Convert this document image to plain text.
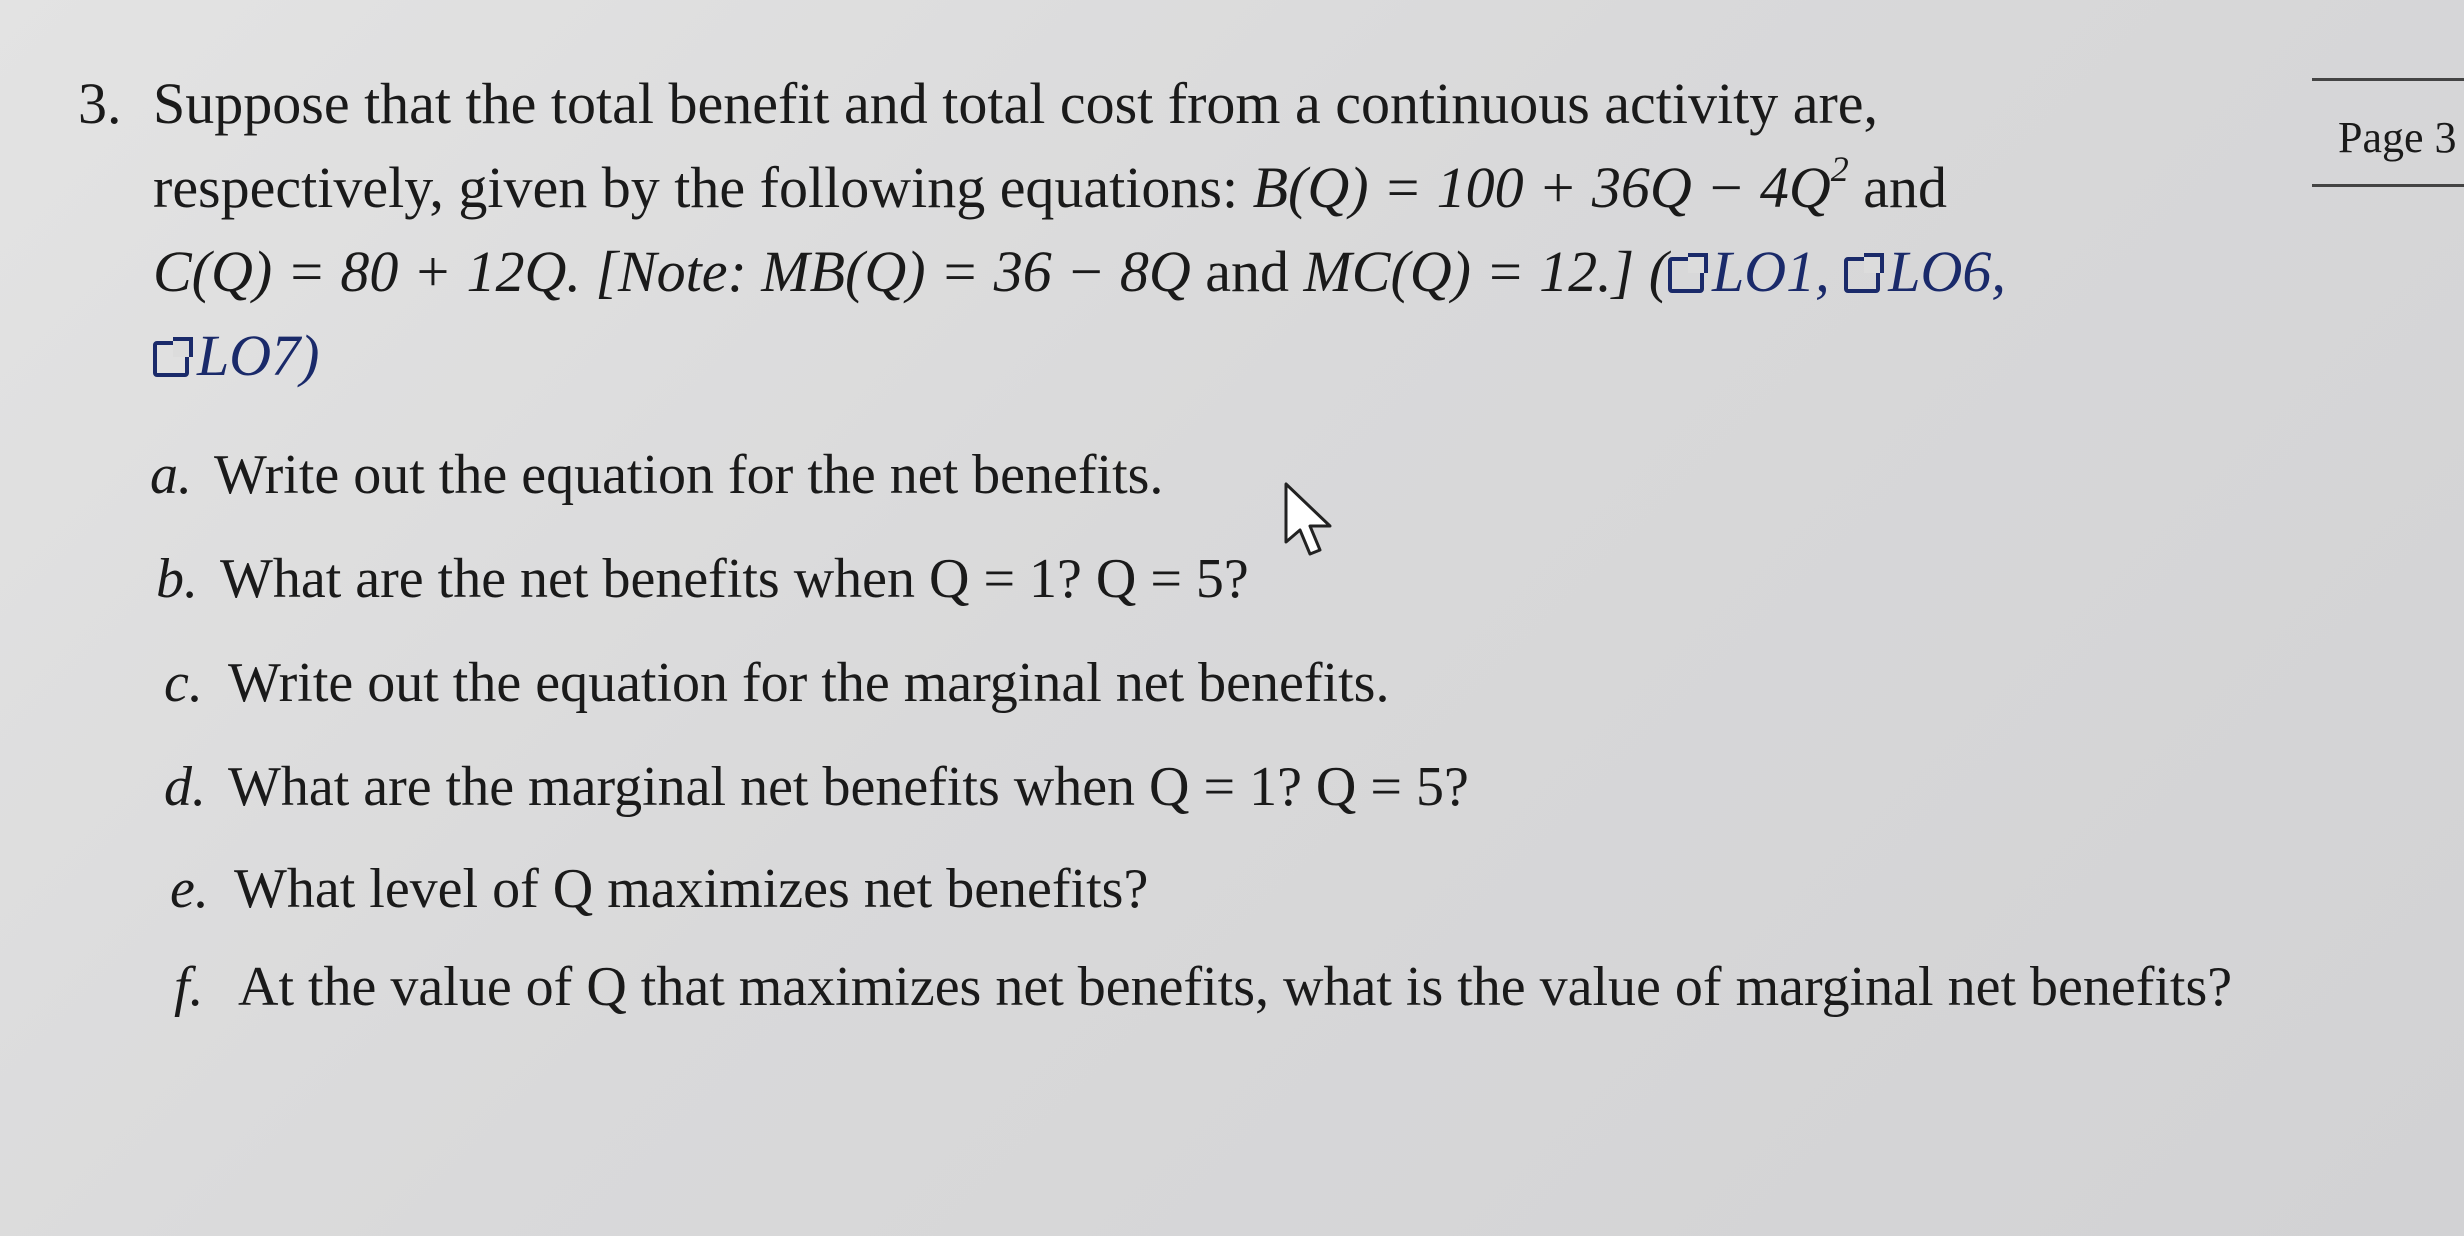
3. Suppose that the total benefit and total cost from a continuous activity are,
respectively, given by the following equations: $B(Q) = 100 + 36Q - 4Q^2$ and
C(Q) = 80 + 12Q. [Note: MB(Q) = 36 − 8Q and MC(Q) = 12.] ( LO1, LO6,
LO7)
a. Write out the equation for the net benefits.
b. What are the net benefits when Q = 1? Q = 5?
c. Write out the equation for the marginal net benefits.
d. What are the marginal net benefits when Q = 1? Q = 5?
e. What level of Q maximizes net benefits?
f. At the value of Q that maximizes net benefits, what is the value of marginal net benefits?
Page 3
